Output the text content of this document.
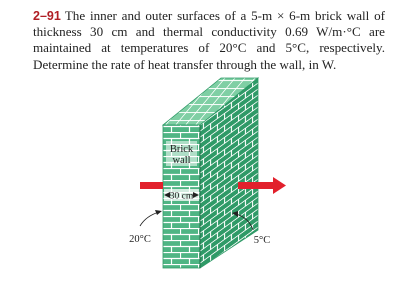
2–91 The inner and outer surfaces of a 5-m × 6-m brick wall of thickness 30 cm and thermal conductivity 0.69 W/m·°C are maintained at temperatures of 20°C and 5°C, respectively. Determine the rate of heat transfer through the wall, in W.

Brick
wall
30 cm
20°C	5°C
